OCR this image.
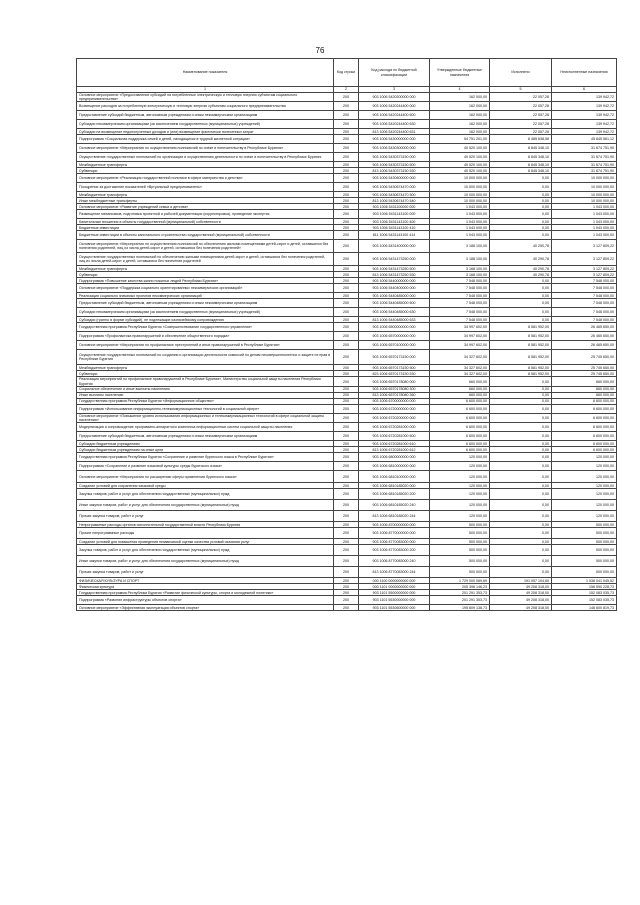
76
Наименование показателя	Код строки	Код расхода по бюджетной классификации	Утвержденные бюджетные назначения	Исполнено	Неисполненные назначения
1	2	3	4	5	6
Основное мероприятие «Предоставление субсидий на потребленные электрическую и тепловую энергию субъектам социального предпринимательства»	200	903 1006 5420200000 000	162 000,00	22 057,28	139 942,72
Возмещение расходов за потребленную электрическую и тепловую энергию субъектам социального предпринимательства	200	903 1006 5420244400 000	162 000,00	22 057,28	139 942,72
Предоставление субсидий бюджетным, автономным учреждениям и иным некоммерческим организациям	200	903 1006 5420244400 600	162 000,00	22 057,28	139 942,72
Субсидии некоммерческим организациям (за исключением государственных (муниципальных) учреждений)	200	903 1006 5420244400 630	162 000,00	22 057,28	139 942,72
Субсидии на возмещение недополученных доходов и (или) возмещение фактически понесенных затрат	200	813 1006 5420244400 631	162 000,00	22 057,28	139 942,72
Подпрограмма «Социальная поддержка семей и детей, находящихся в трудной жизненной ситуации»	200	903 1006 5430000000 000	54 751 201,00	8 485 638,58	45 845 561,12
Основное мероприятие «Мероприятия по осуществлению полномочий по опеке и попечительству в Республике Бурятия»	200	903 1006 5430300000 000	40 520 100,00	8 845 348,10	31 674 751,90
Осуществление государственных полномочий по организации и осуществлению деятельности по опеке и попечительству в Республике Бурятия	200	903 1006 5430373150 000	40 520 100,00	8 845 348,10	31 674 751,90
Межбюджетные трансферты	200	903 1006 5430373150 500	40 520 100,00	8 845 348,10	31 674 751,90
Субвенции	200	813 1006 5430373150 530	40 520 100,00	8 845 348,10	31 674 751,90
Основное мероприятие «Реализация государственной политики в сфере материнства и детства»	200	903 1006 5430600000 000	10 000 000,00	0,00	10 000 000,00
Поощрение за достижение показателей «Вртуальный предприниматель»	200	903 1006 5430674470 000	10 000 000,00	0,00	10 000 000,00
Межбюджетные трансферты	200	903 1006 5430674470 500	10 000 000,00	0,00	10 000 000,00
Иные межбюджетные трансферты	200	813 1006 5430674470 540	10 000 000,00	0,00	10 000 000,00
Основное мероприятие «Развитие учреждений семьи и детства»	200	903 1006 5431100000 000	1 043 000,00	0,00	1 043 000,00
Размещение механизмов, подготовка проектной и рабочей документации (корректировка), проведение экспертиз	200	903 1006 5431143100 000	1 043 000,00	0,00	1 043 000,00
Капитальные вложения в объекты государственной (муниципальной) собственности	200	903 1006 5431143100 400	1 043 000,00	0,00	1 043 000,00
Бюджетные инвестиции	200	903 1006 5431143100 410	1 043 000,00	0,00	1 043 000,00
Бюджетные инвестиции в объекты капитального строительства государственной (муниципальной) собственности	200	811 1006 5431143100 414	1 043 000,00	0,00	1 043 000,00
Основное мероприятие «Мероприятия по осуществлению полномочий по обеспечению жилыми помещениями детей-сирот и детей, оставшихся без попечения родителей, лиц из числа детей-сирот и детей, оставшихся без попечения родителей»	200	903 1006 5431400000 000	3 188 100,00	40 290,78	3 127 809,22
Осуществление государственных полномочий по обеспечению жилыми помещениями детей-сирот и детей, оставшихся без попечения родителей, лиц из числа детей-сирот и детей, оставшихся без попечения родителей	200	903 1006 5431473250 000	3 188 100,00	40 290,78	3 127 809,22
Межбюджетные трансферты	200	903 1006 5431473250 500	3 168 100,00	40 290,78	3 127 809,22
Субвенции	200	813 1006 5431473250 530	3 168 100,00	40 290,78	3 127 809,22
Подпрограмма «Повышение качества жизни пожилых людей Республики Бурятия»	200	903 1006 5440000000 000	7 548 000,00	0,00	7 548 000,00
Основное мероприятие «Поддержка социально ориентированных некоммерческих организаций»	200	903 1006 5440400000 000	7 548 000,00	0,00	7 548 000,00
Реализация социально значимых проектов некоммерческих организаций	200	903 1006 5440485000 000	7 548 000,00	0,00	7 548 000,00
Предоставление субсидий бюджетным, автономным учреждениям и иным некоммерческим организациям	200	903 1006 5440485000 600	7 548 000,00	0,00	7 548 000,00
Субсидии некоммерческим организациям (за исключением государственных (муниципальных) учреждений)	200	903 1006 5440485000 630	7 548 000,00	0,00	7 548 000,00
Субсидии (гранты в форме субсидий), не подлежащие казначейскому сопровождению	200	813 1006 5440485000 633	7 548 000,00	0,00	7 548 000,00
Государственная программа Республики Бурятия «Совершенствование государственного управления»	200	903 1006 6500000000 000	34 997 602,00	8 581 952,00	26 465 650,00
Подпрограмма «Профилактика правонарушений и обеспечение общественного порядка»	200	903 1006 6570000000 000	34 997 602,00	8 581 952,00	26 465 650,00
Основное мероприятие «Мероприятия по профилактике преступлений и иных правонарушений в Республике Бурятия»	200	903 1006 6570100000 000	34 997 602,00	8 581 952,00	26 465 650,00
Осуществление государственных полномочий по созданию и организации деятельности комиссий по делам несовершеннолетних и защите их прав в Республике Бурятия	200	903 1006 6570173150 000	34 327 602,00	8 581 952,00	25 745 650,00
Межбюджетные трансферты	200	903 1006 6570173150 500	34 327 602,00	8 581 952,00	25 745 650,00
Субвенции	200	823 1006 6570173150 530	34 327 602,00	8 581 952,00	25 745 650,00
Реализация мероприятий по профилактике правонарушений в Республике Бурятия», Министерство социальной защиты населения Республики Бурятия	200	903 1006 6570178080 000	660 000,00	0,00	660 000,00
Социальное обеспечение и иные выплаты населению	200	903 1006 6570178080 300	660 000,00	0,00	660 000,00
Иные выплаты населению	200	813 1006 6570178080 360	660 000,00	0,00	660 000,00
Государственная программа Республики Бурятия «Информационное общество»	200	903 1006 6700000000 000	6 600 000,00	0,00	6 600 000,00
Подпрограмма «Использование информационно-телекоммуникационных технологий в социальной сфере»	200	903 1006 6720000000 000	6 600 000,00	0,00	6 600 000,00
Основное мероприятие «Повышение уровня использования информационных и телекоммуникационных технологий в сфере социальной защиты населения»	200	903 1006 6720200000 000	6 600 000,00	0,00	6 600 000,00
Модернизация и сопровождение программно-аппаратного комплекса информационных систем социальной защиты населения	200	903 1006 6720281000 000	6 600 000,00	0,00	6 600 000,00
Предоставление субсидий бюджетным, автономным учреждениям и иным некоммерческим организациям	200	903 1006 6720281000 600	6 600 000,00	0,00	6 600 000,00
Субсидии бюджетным учреждениям	200	903 1006 6720281000 610	6 600 000,00	0,00	6 600 000,00
Субсидии бюджетным учреждениям на иные цели	200	813 1006 6720281000 612	6 600 000,00	0,00	6 600 000,00
Государственная программа Республики Бурятия «Сохранение и развитие бурятского языка в Республике Бурятия»	200	903 1006 6800000000 000	120 000,00	0,00	120 000,00
Подпрограмма «Сохранение и развитие языковой культуры среды бурятского языка»	200	903 1006 6810000000 000	120 000,00	0,00	120 000,00
Основное мероприятие «Мероприятия по расширению сферы применения бурятского языка»	200	903 1006 6810100000 000	120 000,00	0,00	120 000,00
Создание условий для сохранения языковой среды	200	903 1006 6810185020 000	120 000,00	0,00	120 000,00
Закупка товаров, работ и услуг для обеспечения государственных (муниципальных) нужд	200	903 1006 6810185020 200	120 000,00	0,00	120 000,00
Иные закупки товаров, работ и услуг для обеспечения государственных (муниципальных) нужд	200	903 1006 6810185020 240	120 000,00	0,00	120 000,00
Прочая закупка товаров, работ и услуг	200	813 1006 6810185020 244	120 000,00	0,00	120 000,00
Непрограммные расходы органов исполнительной государственной власти Республики Бурятия	200	903 1006 8700000000 000	500 000,00	0,00	500 000,00
Прочие непрограммные расходы	200	903 1006 8770000000 000	500 000,00	0,00	500 000,00
Создание условий для повышения проведения независимой оценки качества условий оказания услуг	200	903 1006 8770083000 000	500 000,00	0,00	500 000,00
Закупка товаров, работ и услуг для обеспечения государственных (муниципальных) нужд	200	903 1006 8770083000 200	500 000,00	0,00	500 000,00
Иные закупки товаров, работ и услуг для обеспечения государственных (муниципальных) нужд	200	903 1006 8770083000 240	500 000,00	0,00	500 000,00
Прочая закупка товаров, работ и услуг	200	813 1006 8770083000 244	500 000,00	0,00	500 000,00
ФИЗИЧЕСКАЯ КУЛЬТУРА И СПОРТ	200	000 1100 0000000000 000	1 729 000 089,69	191 057 104,60	1 538 041 045,52
Физическая культура	200	000 1101 0000000000 000	205 396 146,23	49 208 318,00	156 590 228,73
Государственная программа Республики Бурятия «Развитие физической культуры, спорта и молодежной политики»	200	903 1101 5500000000 000	201 291 353,73	49 208 318,00	152 083 035,73
Подпрограмма «Развитие инфраструктуры объектов спорта»	200	903 1101 5530000000 000	201 291 353,73	49 208 318,00	152 083 035,73
Основное мероприятие «Эффективная эксплуатация объектов спорта»	200	903 1101 5530600000 000	195 809 138,73	49 208 318,00	146 600 819,73
